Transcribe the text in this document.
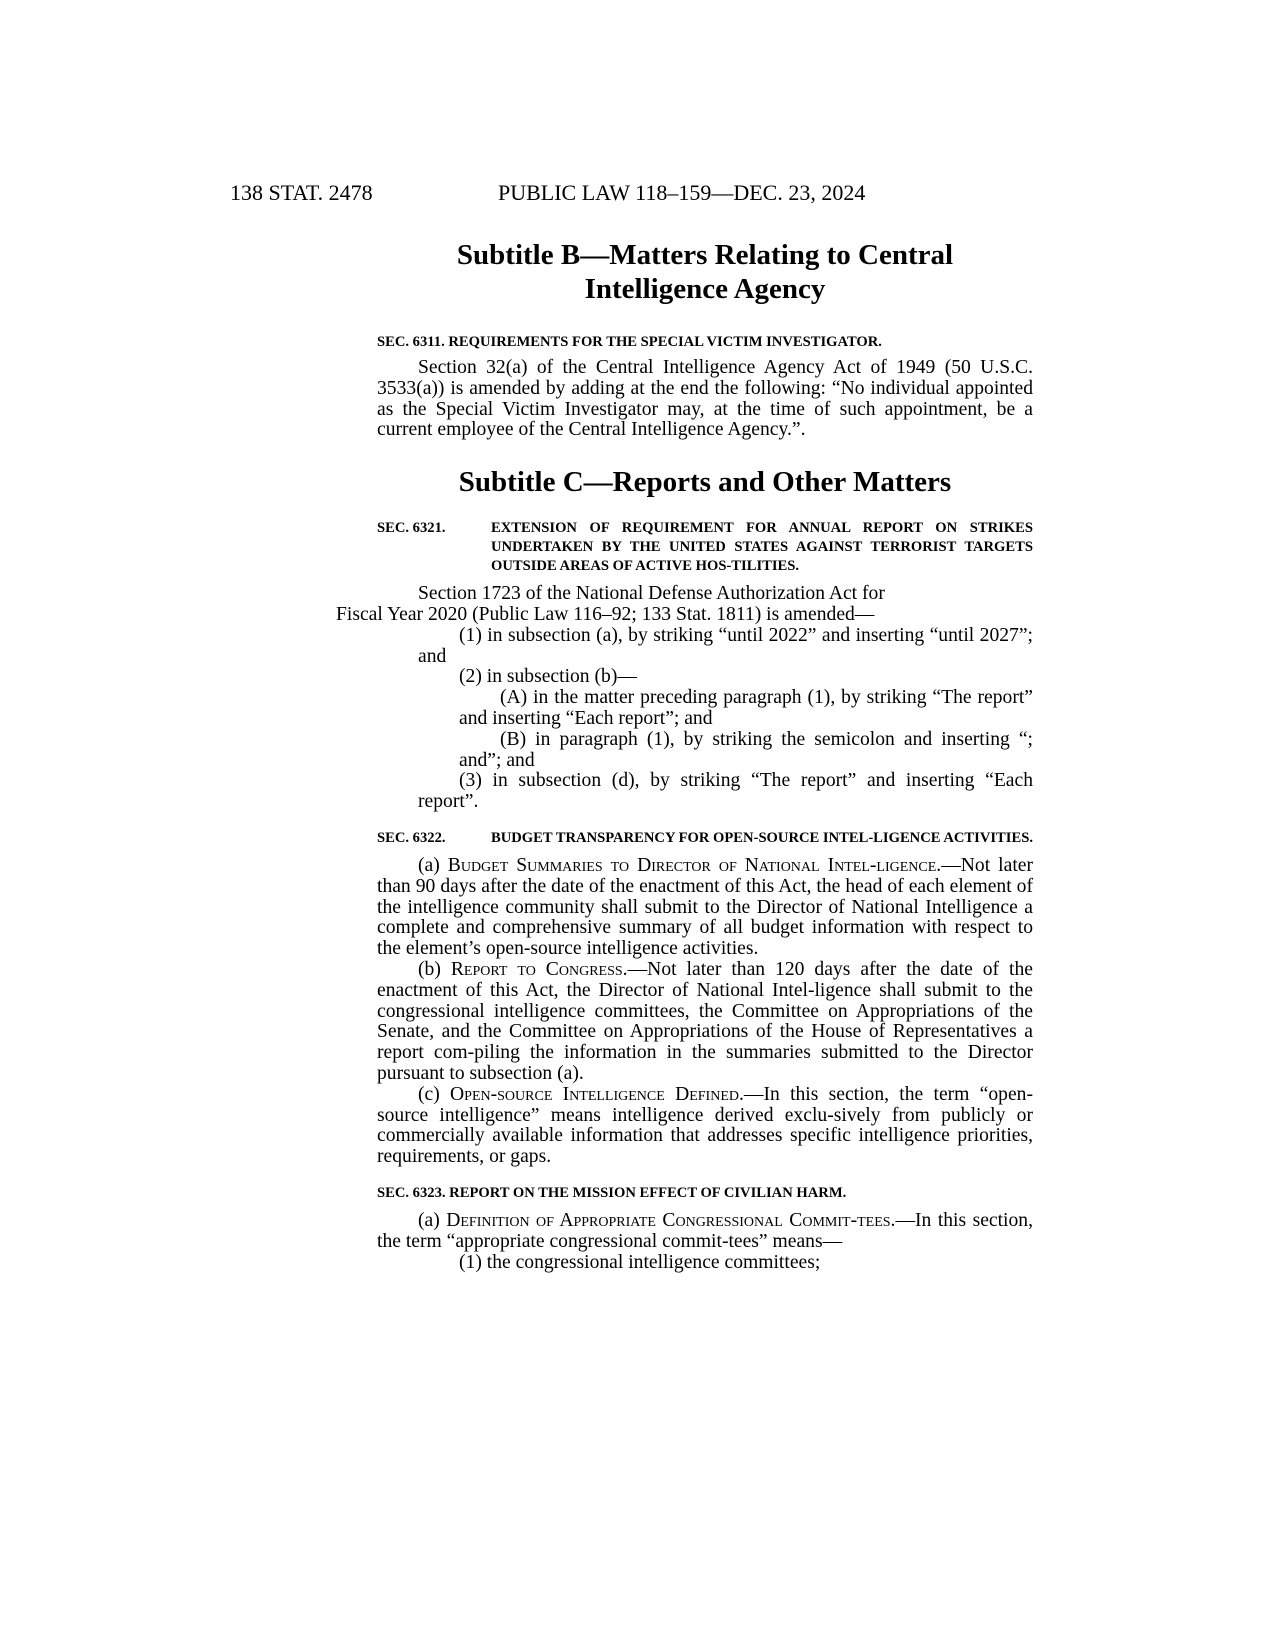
138 STAT. 2478	PUBLIC LAW 118–159—DEC. 23, 2024
Subtitle B—Matters Relating to Central
Intelligence Agency
SEC. 6311. REQUIREMENTS FOR THE SPECIAL VICTIM INVESTIGATOR.

Section 32(a) of the Central Intelligence Agency Act of 1949 (50 U.S.C. 3533(a)) is amended by adding at the end the following: “No individual appointed as the Special Victim Investigator may, at the time of such appointment, be a current employee of the Central Intelligence Agency.”.

Subtitle C—Reports and Other Matters
SEC. 6321.	EXTENSION OF REQUIREMENT FOR ANNUAL REPORT ON STRIKES UNDERTAKEN BY THE UNITED STATES AGAINST TERRORIST TARGETS OUTSIDE AREAS OF ACTIVE HOS-TILITIES.

Section 1723 of the National Defense Authorization Act for
Fiscal Year 2020 (Public Law 116–92; 133 Stat. 1811) is amended—

(1) in subsection (a), by striking “until 2022” and inserting “until 2027”; and
(2) in subsection (b)—
(A) in the matter preceding paragraph (1), by striking “The report” and inserting “Each report”; and
(B) in paragraph (1), by striking the semicolon and inserting “; and”; and
(3) in subsection (d), by striking “The report” and inserting “Each report”.
SEC. 6322.	BUDGET TRANSPARENCY FOR OPEN-SOURCE INTEL-LIGENCE ACTIVITIES.

(a) Budget Summaries to Director of National Intel-ligence.—Not later than 90 days after the date of the enactment of this Act, the head of each element of the intelligence community shall submit to the Director of National Intelligence a complete and comprehensive summary of all budget information with respect to the element’s open-source intelligence activities.

(b) Report to Congress.—Not later than 120 days after the date of the enactment of this Act, the Director of National Intel-ligence shall submit to the congressional intelligence committees, the Committee on Appropriations of the Senate, and the Committee on Appropriations of the House of Representatives a report com-piling the information in the summaries submitted to the Director pursuant to subsection (a).

(c) Open-source Intelligence Defined.—In this section, the term “open-source intelligence” means intelligence derived exclu-sively from publicly or commercially available information that addresses specific intelligence priorities, requirements, or gaps.

SEC. 6323. REPORT ON THE MISSION EFFECT OF CIVILIAN HARM.

(a) Definition of Appropriate Congressional Commit-tees.—In this section, the term “appropriate congressional commit-tees” means—

(1) the congressional intelligence committees;
